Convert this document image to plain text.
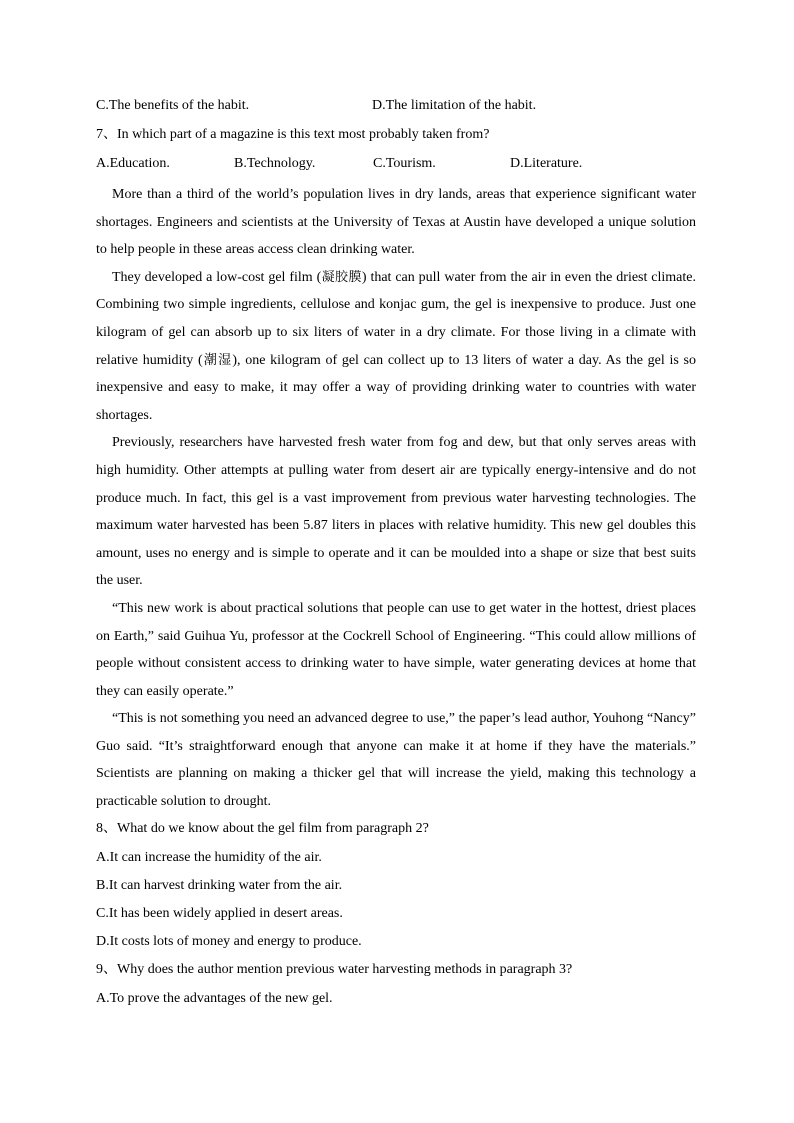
C.The benefits of the habit.	D.The limitation of the habit.
7、In which part of a magazine is this text most probably taken from?
A.Education.	B.Technology.	C.Tourism.	D.Literature.

More than a third of the world’s population lives in dry lands, areas that experience significant water shortages. Engineers and scientists at the University of Texas at Austin have developed a unique solution to help people in these areas access clean drinking water.

They developed a low-cost gel film (凝胶膜) that can pull water from the air in even the driest climate. Combining two simple ingredients, cellulose and konjac gum, the gel is inexpensive to produce. Just one kilogram of gel can absorb up to six liters of water in a dry climate. For those living in a climate with relative humidity (潮湿), one kilogram of gel can collect up to 13 liters of water a day. As the gel is so inexpensive and easy to make, it may offer a way of providing drinking water to countries with water shortages.

Previously, researchers have harvested fresh water from fog and dew, but that only serves areas with high humidity. Other attempts at pulling water from desert air are typically energy-intensive and do not produce much. In fact, this gel is a vast improvement from previous water harvesting technologies. The maximum water harvested has been 5.87 liters in places with relative humidity. This new gel doubles this amount, uses no energy and is simple to operate and it can be moulded into a shape or size that best suits the user.

“This new work is about practical solutions that people can use to get water in the hottest, driest places on Earth,” said Guihua Yu, professor at the Cockrell School of Engineering. “This could allow millions of people without consistent access to drinking water to have simple, water generating devices at home that they can easily operate.”

“This is not something you need an advanced degree to use,” the paper’s lead author, Youhong “Nancy” Guo said. “It’s straightforward enough that anyone can make it at home if they have the materials.” Scientists are planning on making a thicker gel that will increase the yield, making this technology a practicable solution to drought.

8、What do we know about the gel film from paragraph 2?
A.It can increase the humidity of the air.
B.It can harvest drinking water from the air.
C.It has been widely applied in desert areas.
D.It costs lots of money and energy to produce.
9、Why does the author mention previous water harvesting methods in paragraph 3?
A.To prove the advantages of the new gel.
